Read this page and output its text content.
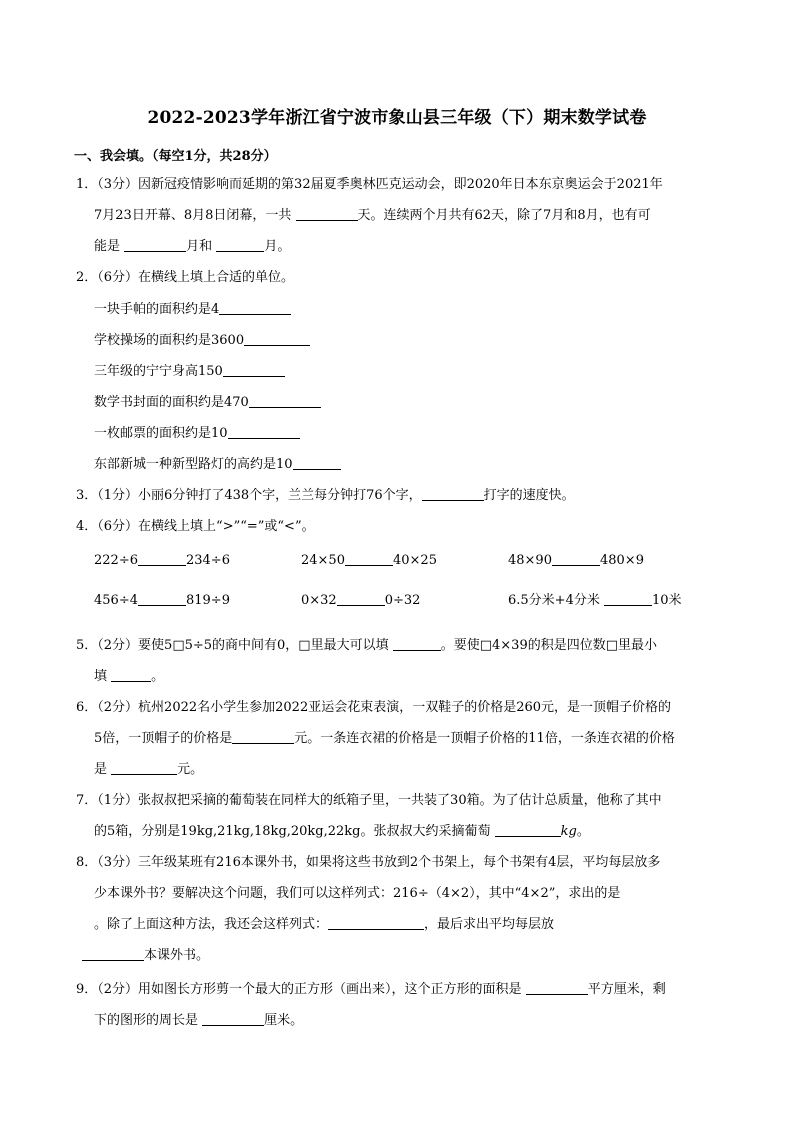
2022-2023学年浙江省宁波市象山县三年级（下）期末数学试卷
一、我会填。（每空1分，共28分）
1．（3分）因新冠疫情影响而延期的第32届夏季奥林匹克运动会，即2020年日本东京奥运会于2021年
7月23日开幕、8月8日闭幕，一共	天。连续两个月共有62天，除了7月和8月，也有可
能是	月和	月。
2．（6分）在横线上填上合适的单位。
一块手帕的面积约是4
学校操场的面积约是3600
三年级的宁宁身高150
数学书封面的面积约是470
一枚邮票的面积约是10
东部新城一种新型路灯的高约是10
3．（1分）小丽6分钟打了438个字，兰兰每分钟打76个字，	打字的速度快。
4．（6分）在横线上填上“>”“=”或“<”。
222÷6	234÷6	24×50	40×25	48×90	480×9
456÷4	819÷9	0×32	0÷32	6.5分米+4分米	10米
5．（2分）要使5□5÷5的商中间有0，□里最大可以填	。要使□4×39的积是四位数□里最小
填	。
6．（2分）杭州2022名小学生参加2022亚运会花束表演，一双鞋子的价格是260元，是一顶帽子价格的
5倍，一顶帽子的价格是	元。一条连衣裙的价格是一顶帽子价格的11倍，一条连衣裙的价格
是	元。
7．（1分）张叔叔把采摘的葡萄装在同样大的纸箱子里，一共装了30箱。为了估计总质量，他称了其中
的5箱，分别是19kg,21kg,18kg,20kg,22kg。张叔叔大约采摘葡萄	kg。
8．（3分）三年级某班有216本课外书，如果将这些书放到2个书架上，每个书架有4层，平均每层放多
少本课外书？要解决这个问题，我们可以这样列式：216÷（4×2），其中“4×2”，求出的是
。除了上面这种方法，我还会这样列式：	，最后求出平均每层放
本课外书。
9．（2分）用如图长方形剪一个最大的正方形（画出来），这个正方形的面积是	平方厘米，剩
下的图形的周长是	厘米。
